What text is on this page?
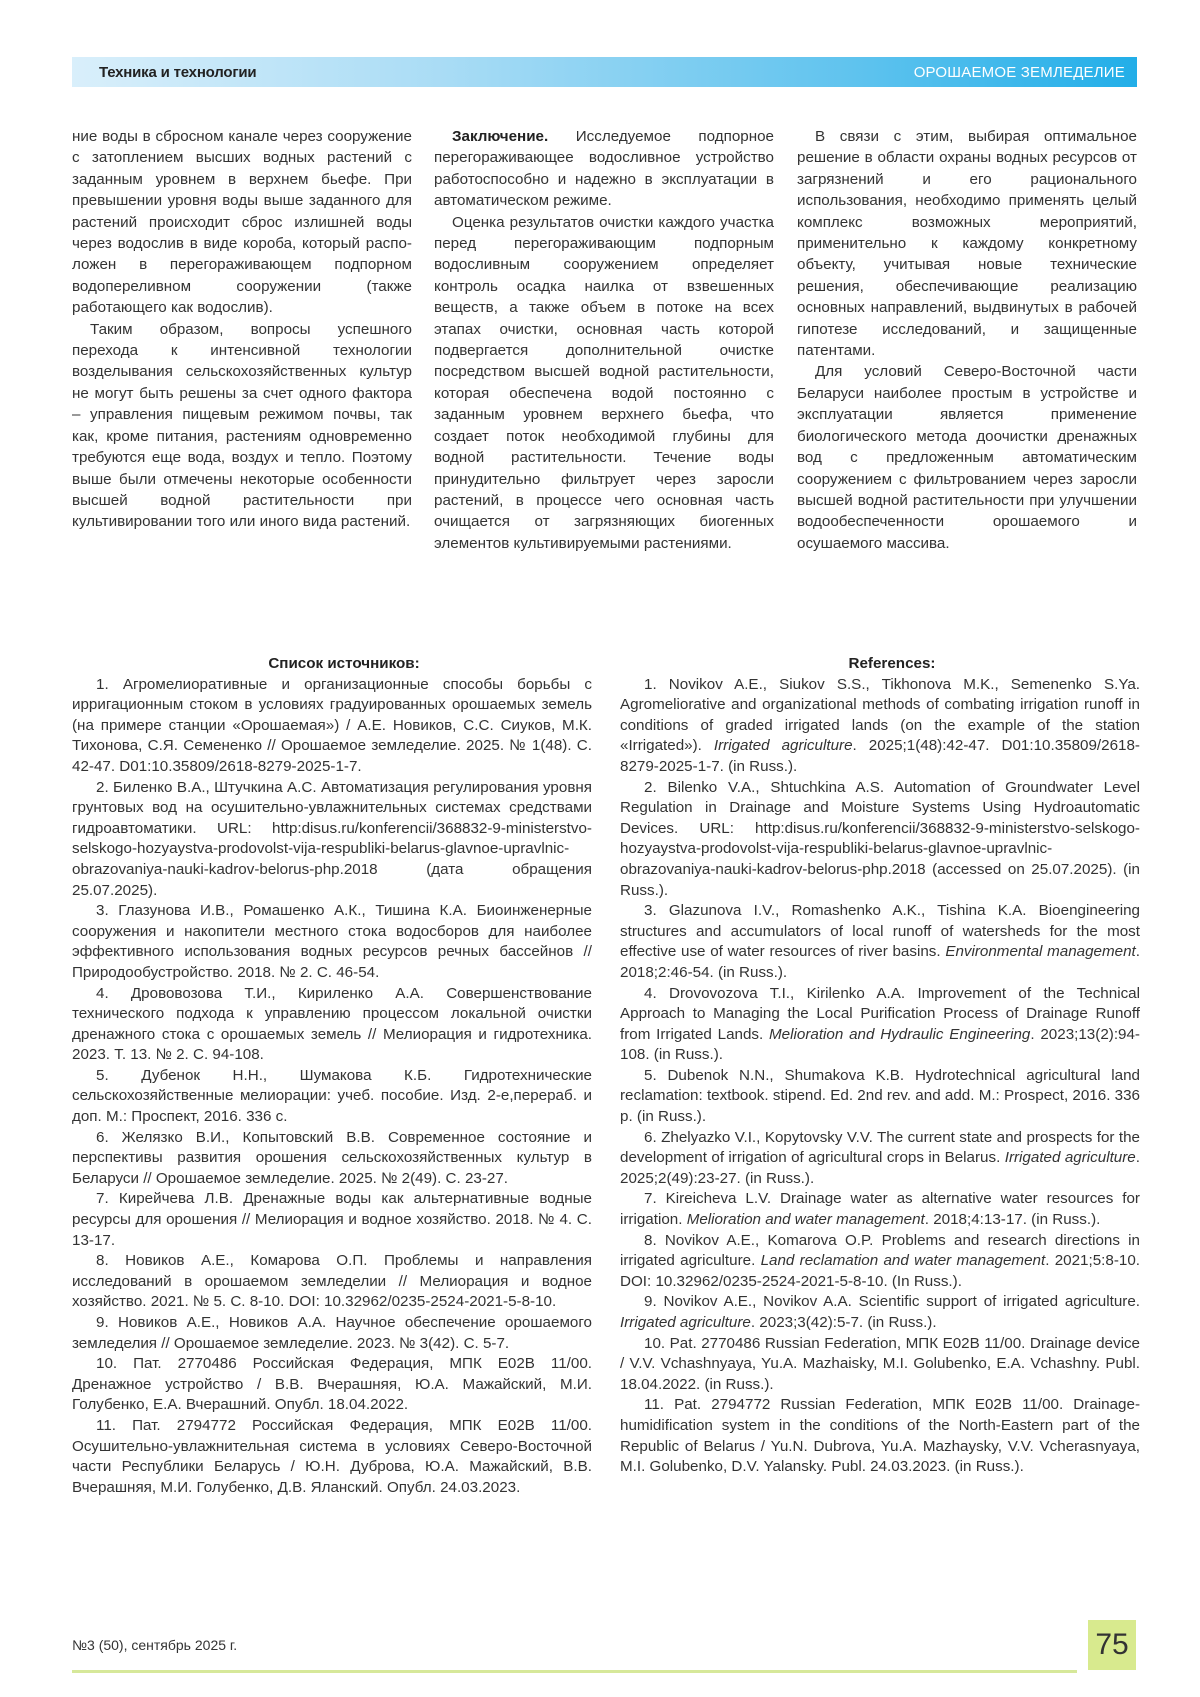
Техника и технологии	ОРОШАЕМОЕ ЗЕМЛЕДЕЛИЕ

ние воды в сбросном канале через сооружение с затоплением высших водных растений с заданным уровнем в верхнем бьефе. При превышении уровня воды выше заданного для растений происходит сброс излишней воды через водослив в виде короба, который распо-ложен в перегораживающем подпорном водопереливном сооружении (также работающего как водослив).

Таким образом, вопросы успешного перехода к интенсивной технологии возделывания сельскохозяйственных культур не могут быть решены за счет одного фактора – управления пищевым режимом почвы, так как, кроме питания, растениям одновременно требуются еще вода, воздух и тепло. Поэтому выше были отмечены некоторые особенности высшей водной растительности при культивировании того или иного вида растений.

Заключение. Исследуемое подпорное перегораживающее водосливное устройство работоспособно и надежно в эксплуатации в автоматическом режиме.

Оценка результатов очистки каждого участка перед перегораживающим подпорным водосливным сооружением определяет контроль осадка наилка от взвешенных веществ, а также объем в потоке на всех этапах очистки, основная часть которой подвергается дополнительной очистке посредством высшей водной растительности, которая обеспечена водой постоянно с заданным уровнем верхнего бьефа, что создает поток необходимой глубины для водной растительности. Течение воды принудительно фильтрует через заросли растений, в процессе чего основная часть очищается от загрязняющих биогенных элементов культивируемыми растениями.

В связи с этим, выбирая оптимальное решение в области охраны водных ресурсов от загрязнений и его рационального использования, необходимо применять целый комплекс возможных мероприятий, применительно к каждому конкретному объекту, учитывая новые технические решения, обеспечивающие реализацию основных направлений, выдвинутых в рабочей гипотезе исследований, и защищенные патентами.

Для условий Северо-Восточной части Беларуси наиболее простым в устройстве и эксплуатации является применение биологического метода доочистки дренажных вод с предложенным автоматическим сооружением с фильтрованием через заросли высшей водной растительности при улучшении водообеспеченности орошаемого и осушаемого массива.

Список источников:

1. Агромелиоративные и организационные способы борьбы с ирригационным стоком в условиях градуированных орошаемых земель (на примере станции «Орошаемая») / А.Е. Новиков, С.С. Сиуков, М.К. Тихонова, С.Я. Семененко // Орошаемое земледелие. 2025. № 1(48). С. 42-47. D01:10.35809/2618-8279-2025-1-7.

2. Биленко В.А., Штучкина А.С. Автоматизация регулирования уровня грунтовых вод на осушительно-увлажнительных системах средствами гидроавтоматики. URL: http:disus.ru/konferencii/368832-9-ministerstvo-selskogo-hozyaystva-prodovolst-vija-respubliki-belarus-glavnoe-upravlnic-obrazovaniya-nauki-kadrov-belorus-php.2018 (дата обращения 25.07.2025).

3. Глазунова И.В., Ромашенко А.К., Тишина К.А. Биоинженерные сооружения и накопители местного стока водосборов для наиболее эффективного использования водных ресурсов речных бассейнов // Природообустройство. 2018. № 2. С. 46-54.

4. Дрововозова Т.И., Кириленко А.А. Совершенствование технического подхода к управлению процессом локальной очистки дренажного стока с орошаемых земель // Мелиорация и гидротехника. 2023. Т. 13. № 2. С. 94-108.

5. Дубенок Н.Н., Шумакова К.Б. Гидротехнические сельскохозяйственные мелиорации: учеб. пособие. Изд. 2-е,перераб. и доп. М.: Проспект, 2016. 336 с.

6. Желязко В.И., Копытовский В.В. Современное состояние и перспективы развития орошения сельскохозяйственных культур в Беларуси // Орошаемое земледелие. 2025. № 2(49). С. 23-27.

7. Кирейчева Л.В. Дренажные воды как альтернативные водные ресурсы для орошения // Мелиорация и водное хозяйство. 2018. № 4. С. 13-17.

8. Новиков А.Е., Комарова О.П. Проблемы и направления исследований в орошаемом земледелии // Мелиорация и водное хозяйство. 2021. № 5. С. 8-10. DOI: 10.32962/0235-2524-2021-5-8-10.

9. Новиков А.Е., Новиков А.А. Научное обеспечение орошаемого земледелия // Орошаемое земледелие. 2023. № 3(42). С. 5-7.

10. Пат. 2770486 Российская Федерация, МПК E02B 11/00. Дренажное устройство / В.В. Вчерашняя, Ю.А. Мажайский, М.И. Голубенко, Е.А. Вчерашний. Опубл. 18.04.2022.

11. Пат. 2794772 Российская Федерация, МПК E02B 11/00. Осушительно-увлажнительная система в условиях Северо-Восточной части Республики Беларусь / Ю.Н. Дуброва, Ю.А. Мажайский, В.В. Вчерашняя, М.И. Голубенко, Д.В. Яланский. Опубл. 24.03.2023.

References:

1. Novikov A.E., Siukov S.S., Tikhonova M.K., Semenenko S.Ya. Agromeliorative and organizational methods of combating irrigation runoff in conditions of graded irrigated lands (on the example of the station «Irrigated»). Irrigated agriculture. 2025;1(48):42-47. D01:10.35809/2618-8279-2025-1-7. (in Russ.).

2. Bilenko V.A., Shtuchkina A.S. Automation of Groundwater Level Regulation in Drainage and Moisture Systems Using Hydroautomatic Devices. URL: http:disus.ru/konferencii/368832-9-ministerstvo-selskogo-hozyaystva-prodovolst-vija-respubliki-belarus-glavnoe-upravlnic-obrazovaniya-nauki-kadrov-belorus-php.2018 (accessed on 25.07.2025). (in Russ.).

3. Glazunova I.V., Romashenko A.K., Tishina K.A. Bioengineering structures and accumulators of local runoff of watersheds for the most effective use of water resources of river basins. Environmental management. 2018;2:46-54. (in Russ.).

4. Drovovozova T.I., Kirilenko A.A. Improvement of the Technical Approach to Managing the Local Purification Process of Drainage Runoff from Irrigated Lands. Melioration and Hydraulic Engineering. 2023;13(2):94-108. (in Russ.).

5. Dubenok N.N., Shumakova K.B. Hydrotechnical agricultural land reclamation: textbook. stipend. Ed. 2nd rev. and add. M.: Prospect, 2016. 336 p. (in Russ.).

6. Zhelyazko V.I., Kopytovsky V.V. The current state and prospects for the development of irrigation of agricultural crops in Belarus. Irrigated agriculture. 2025;2(49):23-27. (in Russ.).

7. Kireicheva L.V. Drainage water as alternative water resources for irrigation. Melioration and water management. 2018;4:13-17. (in Russ.).

8. Novikov A.E., Komarova O.P. Problems and research directions in irrigated agriculture. Land reclamation and water management. 2021;5:8-10. DOI: 10.32962/0235-2524-2021-5-8-10. (In Russ.).

9. Novikov A.E., Novikov A.A. Scientific support of irrigated agriculture. Irrigated agriculture. 2023;3(42):5-7. (in Russ.).

10. Pat. 2770486 Russian Federation, МПК E02B 11/00. Drainage device / V.V. Vchashnyaya, Yu.A. Mazhaisky, M.I. Golubenko, E.A. Vchashny. Publ. 18.04.2022. (in Russ.).

11. Pat. 2794772 Russian Federation, МПК E02B 11/00. Drainage- humidification system in the conditions of the North-Eastern part of the Republic of Belarus / Yu.N. Dubrova, Yu.A. Mazhaysky, V.V. Vcherasnyaya, M.I. Golubenko, D.V. Yalansky. Publ. 24.03.2023. (in Russ.).

№3 (50), сентябрь 2025 г.	75
